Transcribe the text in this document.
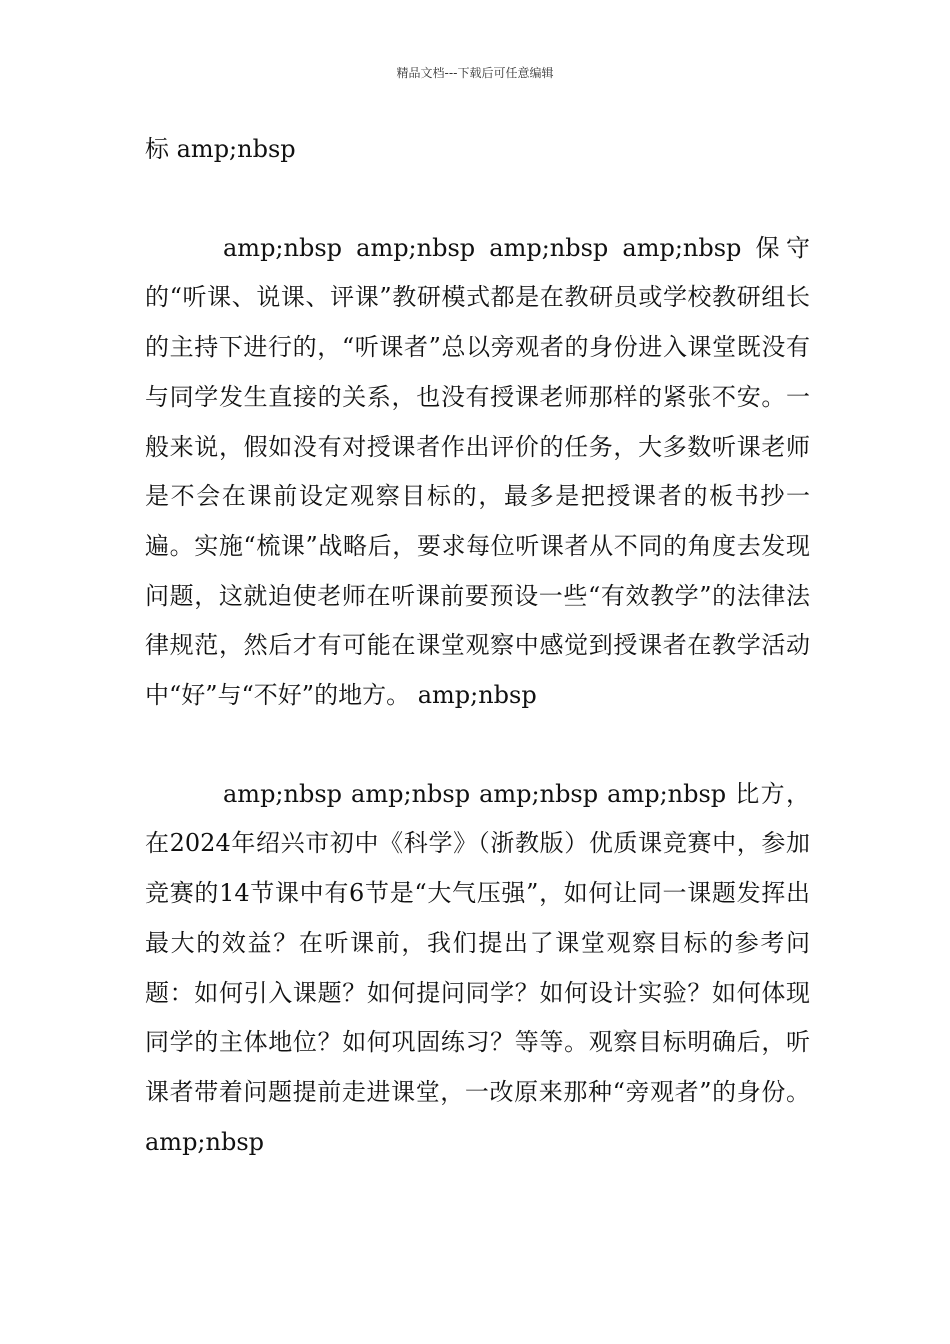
精品文档---下载后可任意编辑

标 amp;nbsp

amp;nbsp amp;nbsp amp;nbsp amp;nbsp 保守的“听课、说课、评课”教研模式都是在教研员或学校教研组长的主持下进行的，“听课者”总以旁观者的身份进入课堂既没有与同学发生直接的关系，也没有授课老师那样的紧张不安。一般来说，假如没有对授课者作出评价的任务，大多数听课老师是不会在课前设定观察目标的，最多是把授课者的板书抄一遍。实施“梳课”战略后，要求每位听课者从不同的角度去发现问题，这就迫使老师在听课前要预设一些“有效教学”的法律法律规范，然后才有可能在课堂观察中感觉到授课者在教学活动中“好”与“不好”的地方。 amp;nbsp

amp;nbsp amp;nbsp amp;nbsp amp;nbsp 比方，在2024年绍兴市初中《科学》（浙教版）优质课竞赛中，参加竞赛的14节课中有6节是“大气压强”，如何让同一课题发挥出最大的效益？在听课前，我们提出了课堂观察目标的参考问题：如何引入课题？如何提问同学？如何设计实验？如何体现同学的主体地位？如何巩固练习？等等。观察目标明确后，听课者带着问题提前走进课堂，一改原来那种“旁观者”的身份。 amp;nbsp
